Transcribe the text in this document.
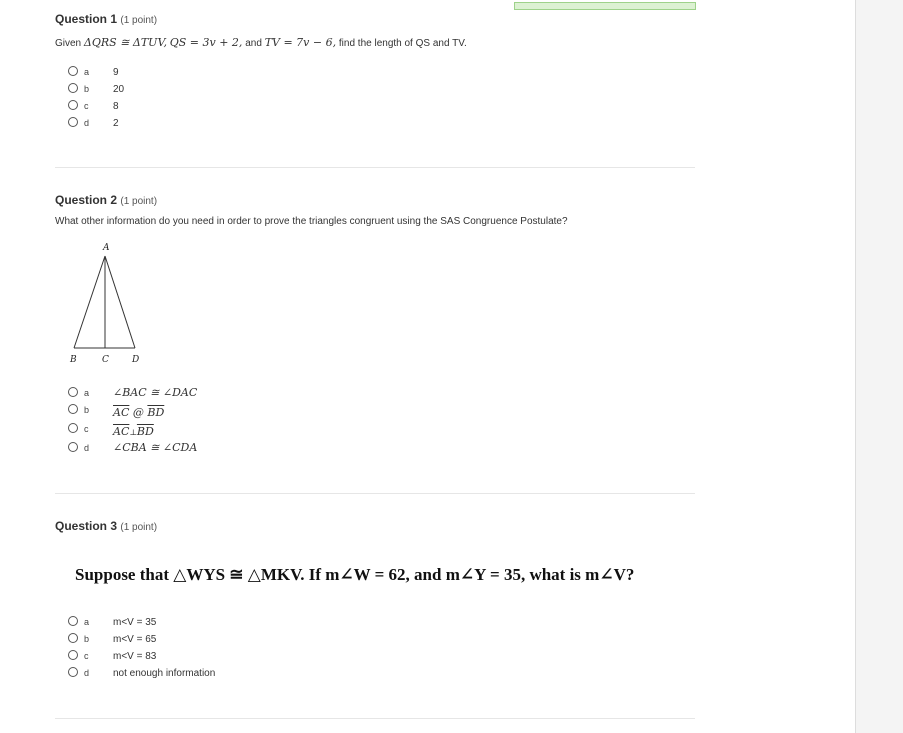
Question 1 (1 point)
Given ΔQRS ≅ ΔTUV, QS = 3v + 2, and TV = 7v − 6, find the length of QS and TV.
a 9
b 20
c 8
d 2
Question 2 (1 point)
What other information do you need in order to prove the triangles congruent using the SAS Congruence Postulate?
A
B	C	D
a ∠BAC ≅ ∠DAC
b $\overline{AC}$ @ $\overline{BD}$
c $\overline{AC}\perp\overline{BD}$
d ∠CBA ≅ ∠CDA
Question 3 (1 point)
Suppose that △WYS ≅ △MKV. If m∠W = 62, and m∠Y = 35, what is m∠V?
a m<V = 35
b m<V = 65
c m<V = 83
d not enough information
